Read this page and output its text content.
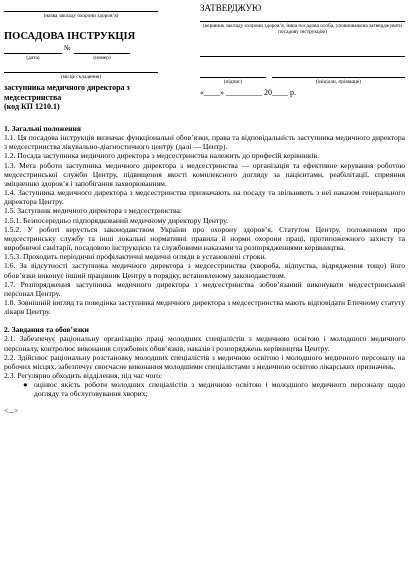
(назва закладу охорони здоров’я)
ПОСАДОВА ІНСТРУКЦІЯ
№
(дата)	(номер)
(місце складення)
заступника медичного директора з медсестринства
(код КП 1210.1)
ЗАТВЕРДЖУЮ
(керівник закладу охорони здоров’я, інша посадова особа, уповноважена затверджувати посадову інструкцію)
(підпис)	(ініціали, прізвище)
«____» _________ 20____ р.

1. Загальні положення

1.1. Ця посадова інструкція визначає функціональні обов’язки, права та відповідальність заступника медичного директора з медсестринства лікувально-діагностичного центру (далі — Центр).

1.2. Посада заступника медичного директора з медсестринства належить до професій керівників.

1.3. Мета роботи заступника медичного директора з медсестринства — організація та ефективне керування роботою медсестринської служби Центру, підвищення якості комплексного догляду за пацієнтами, реабілітації, сприяння зміцненню здоров’я і запобігання захворюванням.

1.4. Заступника медичного директора з медсестринства призначають на посаду та звільняють з неї наказом генерального директора Центру.

1.5. Заступник медичного директора з медсестринства:

1.5.1. Безпосередньо підпорядкований медичному директору Центру.

1.5.2. У роботі керується законодавством України про охорону здоров’я, Статутом Центру, положенням про медсестринську службу та інші локальні нормативні правила й норми охорони праці, протипожежного захисту та виробничої санітарії, посадовою інструкцією та службовими наказами та розпорядженнями керівництва.

1.5.3. Проходить періодичні профілактичні медичні огляди в установлені строки.

1.6. За відсутності заступника медичного директора з медсестринства (хвороба, відпустка, відрядження тощо) його обов’язки виконує інший працівник Центру в порядку, встановленому законодавством.

1.7. Розпорядження заступника медичного директора з медсестринства зобов’язаний виконувати медсестринський персонал Центру.

1.8. Зовнішній вигляд та поведінка заступника медичного директора з медсестринства мають відповідати Етичному статуту лікаря Центру.

2. Завдання та обов’язки

2.1. Забезпечує раціональну організацію праці молодших спеціалістів з медичною освітою і молодшого медичного персоналу, контролює виконання службових обов’язків, наказів і розпоряджень керівництва Центру.

2.2. Здійснює раціональну розстановку молодших спеціалістів з медичною освітою і молодшого медичного персоналу на робочих місцях, забезпечує своєчасне виконання молодшими спеціалістами з медичною освітою лікарських призначень.

2.3. Регулярно обходить відділення, під час чого:

● оцінює якість роботи молодших спеціалістів з медичною освітою і молодшого медичного персоналу щодо догляду та обслуговування хворих;

<...>
